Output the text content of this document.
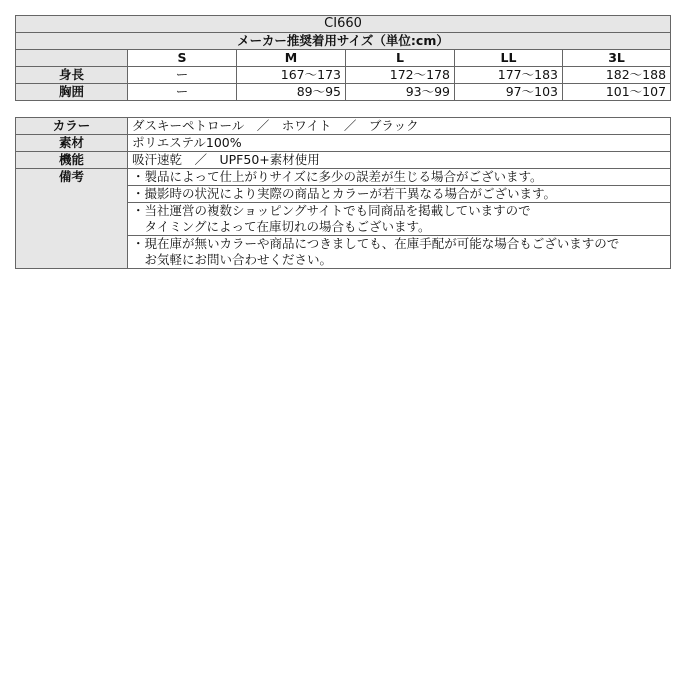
CI660					
メーカー推奨着用サイズ（単位:cm）					
	S	M	L	LL	3L
身長	ー	167～173	172～178	177～183	182～188
胸囲	ー	89～95	93～99	97～103	101～107
カラー	ダスキーペトロール　／　ホワイト　／　ブラック
素材	ポリエステル100%
機能	吸汗速乾　／　UPF50+素材使用
備考	・製品によって仕上がりサイズに多少の誤差が生じる場合がございます。
	・撮影時の状況により実際の商品とカラーが若干異なる場合がございます。

	・当社運営の複数ショッピングサイトでも同商品を掲載していますので
　タイミングによって在庫切れの場合もございます。

	・現在庫が無いカラーや商品につきましても、在庫手配が可能な場合もございますので
　お気軽にお問い合わせください。
